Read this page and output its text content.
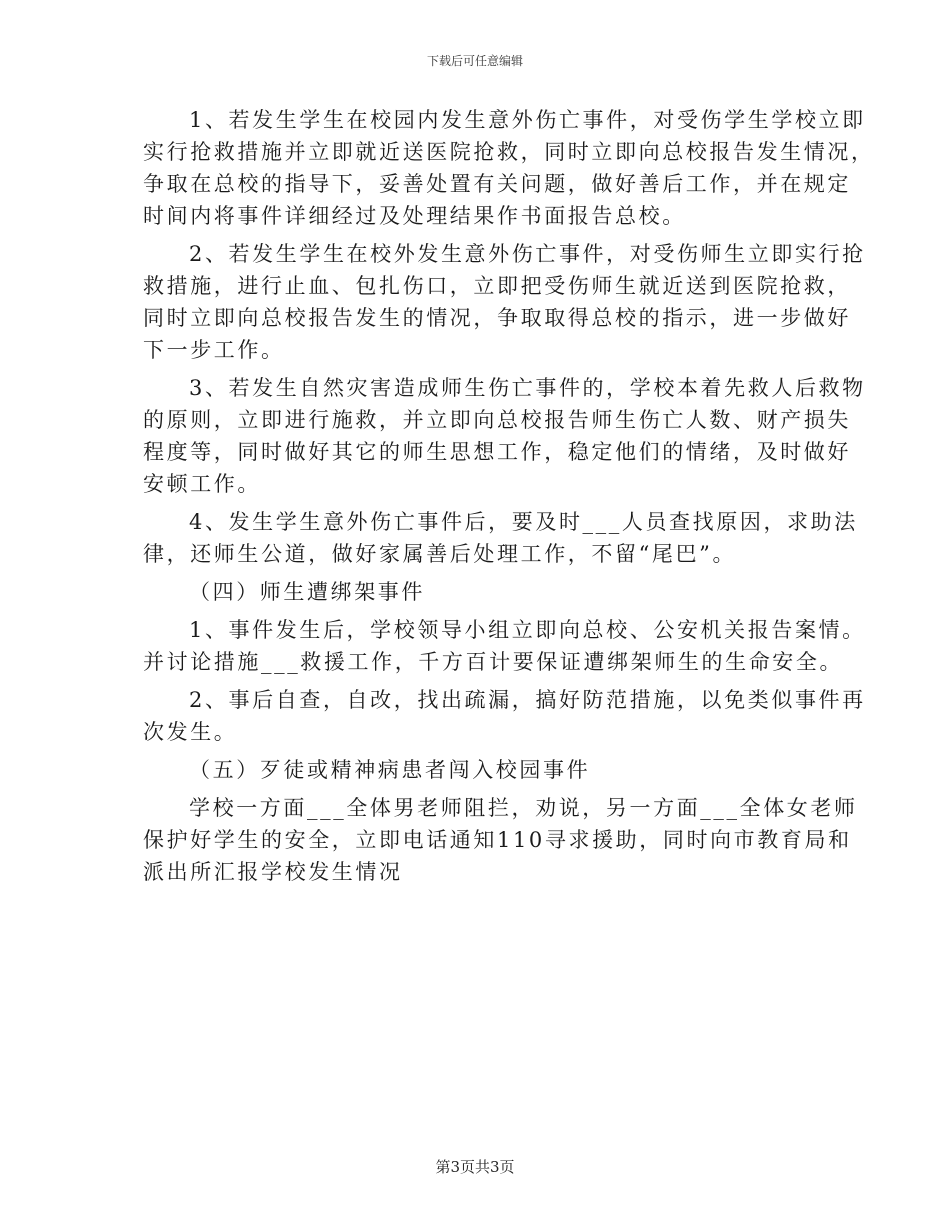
下载后可任意编辑

1、若发生学生在校园内发生意外伤亡事件，对受伤学生学校立即
实行抢救措施并立即就近送医院抢救，同时立即向总校报告发生情况，
争取在总校的指导下，妥善处置有关问题，做好善后工作，并在规定
时间内将事件详细经过及处理结果作书面报告总校。

2、若发生学生在校外发生意外伤亡事件，对受伤师生立即实行抢
救措施，进行止血、包扎伤口，立即把受伤师生就近送到医院抢救，
同时立即向总校报告发生的情况，争取取得总校的指示，进一步做好
下一步工作。

3、若发生自然灾害造成师生伤亡事件的，学校本着先救人后救物
的原则，立即进行施救，并立即向总校报告师生伤亡人数、财产损失
程度等，同时做好其它的师生思想工作，稳定他们的情绪，及时做好
安顿工作。

4、发生学生意外伤亡事件后，要及时___人员查找原因，求助法
律，还师生公道，做好家属善后处理工作，不留“尾巴”。

（四）师生遭绑架事件

1、事件发生后，学校领导小组立即向总校、公安机关报告案情。
并讨论措施___救援工作，千方百计要保证遭绑架师生的生命安全。

2、事后自查，自改，找出疏漏，搞好防范措施，以免类似事件再
次发生。

（五）歹徒或精神病患者闯入校园事件

学校一方面___全体男老师阻拦，劝说，另一方面___全体女老师
保护好学生的安全，立即电话通知110寻求援助，同时向市教育局和
派出所汇报学校发生情况

第3页共3页
